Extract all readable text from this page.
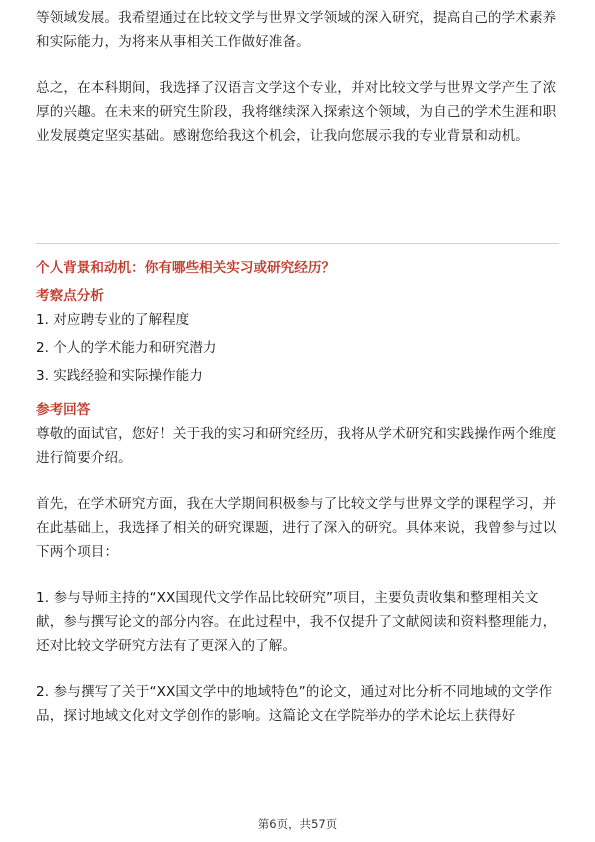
等领域发展。我希望通过在比较文学与世界文学领域的深入研究，提高自己的学术素养和实际能力，为将来从事相关工作做好准备。

总之，在本科期间，我选择了汉语言文学这个专业，并对比较文学与世界文学产生了浓厚的兴趣。在未来的研究生阶段，我将继续深入探索这个领域，为自己的学术生涯和职业发展奠定坚实基础。感谢您给我这个机会，让我向您展示我的专业背景和动机。

个人背景和动机：你有哪些相关实习或研究经历？

考察点分析

1. 对应聘专业的了解程度

2. 个人的学术能力和研究潜力

3. 实践经验和实际操作能力

参考回答

尊敬的面试官，您好！关于我的实习和研究经历，我将从学术研究和实践操作两个维度进行简要介绍。

首先，在学术研究方面，我在大学期间积极参与了比较文学与世界文学的课程学习，并在此基础上，我选择了相关的研究课题，进行了深入的研究。具体来说，我曾参与过以下两个项目：

1. 参与导师主持的“XX国现代文学作品比较研究”项目，主要负责收集和整理相关文献，参与撰写论文的部分内容。在此过程中，我不仅提升了文献阅读和资料整理能力，还对比较文学研究方法有了更深入的了解。

2. 参与撰写了关于“XX国文学中的地域特色”的论文，通过对比分析不同地域的文学作品，探讨地域文化对文学创作的影响。这篇论文在学院举办的学术论坛上获得好

第6页，共57页
